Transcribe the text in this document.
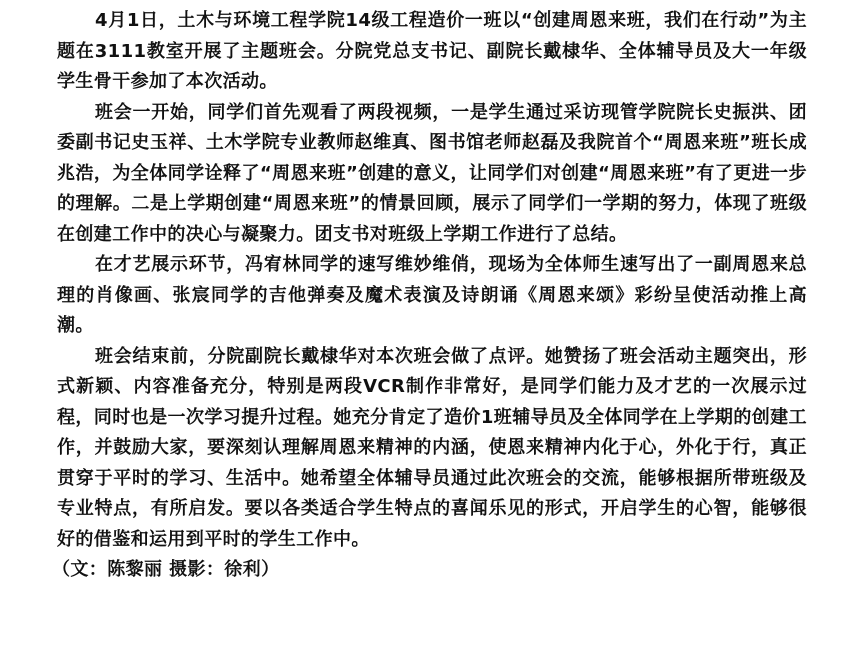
4月1日，土木与环境工程学院14级工程造价一班以“创建周恩来班，我们在行动”为主题在3111教室开展了主题班会。分院党总支书记、副院长戴棣华、全体辅导员及大一年级学生骨干参加了本次活动。

班会一开始，同学们首先观看了两段视频，一是学生通过采访现管学院院长史振洪、团委副书记史玉祥、土木学院专业教师赵维真、图书馆老师赵磊及我院首个“周恩来班”班长成兆浩，为全体同学诠释了“周恩来班”创建的意义，让同学们对创建“周恩来班”有了更进一步的理解。二是上学期创建“周恩来班”的情景回顾，展示了同学们一学期的努力，体现了班级在创建工作中的决心与凝聚力。团支书对班级上学期工作进行了总结。

在才艺展示环节，冯宥林同学的速写维妙维俏，现场为全体师生速写出了一副周恩来总理的肖像画、张宸同学的吉他弹奏及魔术表演及诗朗诵《周恩来颂》彩纷呈使活动推上高潮。

班会结束前，分院副院长戴棣华对本次班会做了点评。她赞扬了班会活动主题突出，形式新颖、内容准备充分，特别是两段VCR制作非常好，是同学们能力及才艺的一次展示过程，同时也是一次学习提升过程。她充分肯定了造价1班辅导员及全体同学在上学期的创建工作，并鼓励大家，要深刻认理解周恩来精神的内涵，使恩来精神内化于心，外化于行，真正贯穿于平时的学习、生活中。她希望全体辅导员通过此次班会的交流，能够根据所带班级及专业特点，有所启发。要以各类适合学生特点的喜闻乐见的形式，开启学生的心智，能够很好的借鉴和运用到平时的学生工作中。

（文：陈黎丽 摄影：徐利）
